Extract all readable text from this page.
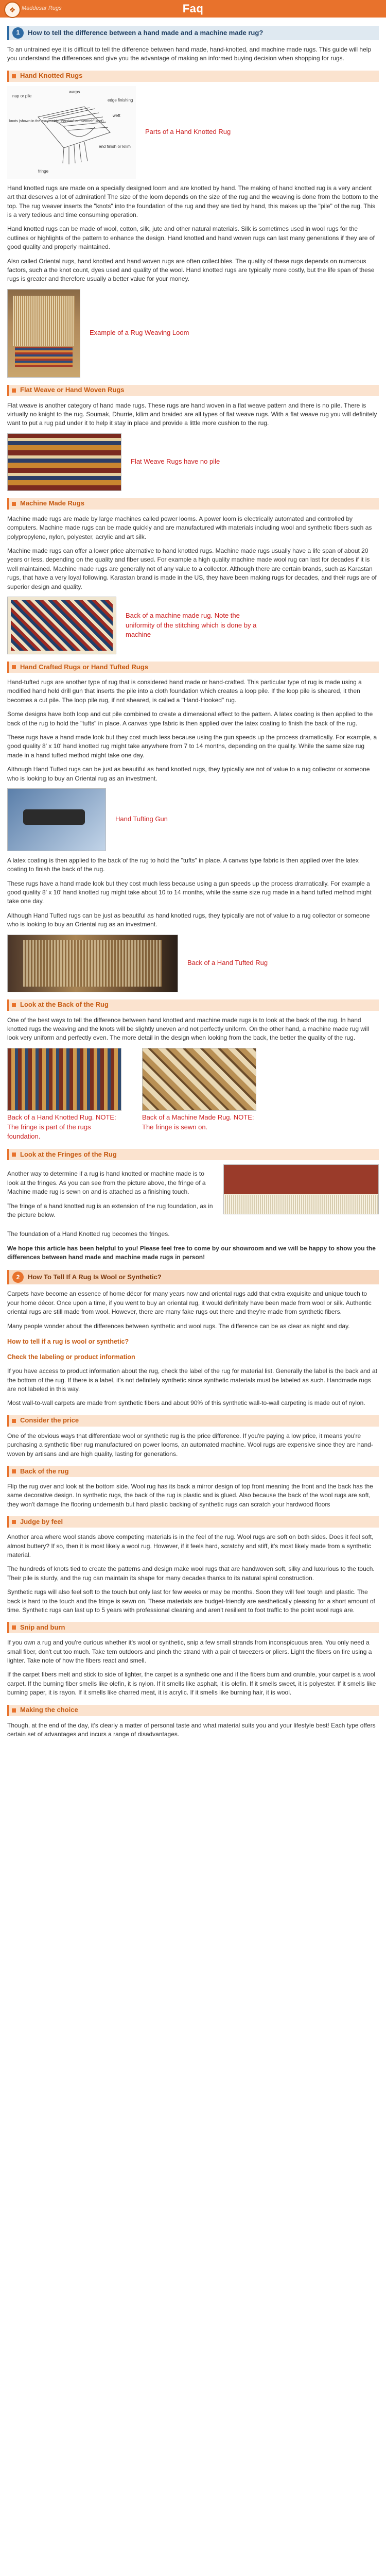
❖	Maddesar Rugs	Faq
1	How to tell the difference between a hand made and a machine made rug?

To an untrained eye it is difficult to tell the difference between hand made, hand-knotted, and machine made rugs. This guide will help you understand the differences and give you the advantage of making an informed buying decision when shopping for rugs.

Hand Knotted Rugs
nap or pile
warps
edge finishing
weft
knots (shown in the ascymetric "Persian" or "Senneh" knot)
end finish or kilim
fringe
Parts of a Hand Knotted Rug

Hand knotted rugs are made on a specially designed loom and are knotted by hand. The making of hand knotted rug is a very ancient art that deserves a lot of admiration! The size of the loom depends on the size of the rug and the weaving is done from the bottom to the top. The rug weaver inserts the "knots" into the foundation of the rug and they are tied by hand, this makes up the "pile" of the rug. This is a very tedious and time consuming operation.

Hand knotted rugs can be made of wool, cotton, silk, jute and other natural materials. Silk is sometimes used in wool rugs for the outlines or highlights of the pattern to enhance the design. Hand knotted and hand woven rugs can last many generations if they are of good quality and properly maintained.

Also called Oriental rugs, hand knotted and hand woven rugs are often collectibles. The quality of these rugs depends on numerous factors, such a the knot count, dyes used and quality of the wool. Hand knotted rugs are typically more costly, but the life span of these rugs is greater and therefore usually a better value for your money.

Example of a Rug Weaving Loom
Flat Weave or Hand Woven Rugs

Flat weave is another category of hand made rugs. These rugs are hand woven in a flat weave pattern and there is no pile. There is virtually no knight to the rug. Soumak, Dhurrie, kilim and braided are all types of flat weave rugs. With a flat weave rug you will definitely want to put a rug pad under it to help it stay in place and provide a little more cushion to the rug.

Flat Weave Rugs have no pile
Machine Made Rugs

Machine made rugs are made by large machines called power looms. A power loom is electrically automated and controlled by computers. Machine made rugs can be made quickly and are manufactured with materials including wool and synthetic fibers such as polypropylene, nylon, polyester, acrylic and art silk.

Machine made rugs can offer a lower price alternative to hand knotted rugs. Machine made rugs usually have a life span of about 20 years or less, depending on the quality and fiber used. For example a high quality machine made wool rug can last for decades if it is well maintained. Machine made rugs are generally not of any value to a collector. Although there are certain brands, such as Karastan rugs, that have a very loyal following. Karastan brand is made in the US, they have been making rugs for decades, and their rugs are of superior design and quality.

Back of a machine made rug. Note the uniformity of the stitching which is done by a machine
Hand Crafted Rugs or Hand Tufted Rugs

Hand-tufted rugs are another type of rug that is considered hand made or hand-crafted. This particular type of rug is made using a modified hand held drill gun that inserts the pile into a cloth foundation which creates a loop pile. If the loop pile is sheared, it then becomes a cut pile. The loop pile rug, if not sheared, is called a "Hand-Hooked" rug.

Some designs have both loop and cut pile combined to create a dimensional effect to the pattern. A latex coating is then applied to the back of the rug to hold the "tufts" in place. A canvas type fabric is then applied over the latex coating to finish the back of the rug.

These rugs have a hand made look but they cost much less because using the gun speeds up the process dramatically. For example, a good quality 8' x 10' hand knotted rug might take anywhere from 7 to 14 months, depending on the quality. While the same size rug made in a hand tufted method might take one day.

Although Hand Tufted rugs can be just as beautiful as hand knotted rugs, they typically are not of value to a rug collector or someone who is looking to buy an Oriental rug as an investment.

Hand Tufting Gun

A latex coating is then applied to the back of the rug to hold the "tufts" in place. A canvas type fabric is then applied over the latex coating to finish the back of the rug.

These rugs have a hand made look but they cost much less because using a gun speeds up the process dramatically. For example a good quality 8' x 10' hand knotted rug might take about 10 to 14 months, while the same size rug made in a hand tufted method might take one day.

Although Hand Tufted rugs can be just as beautiful as hand knotted rugs, they typically are not of value to a rug collector or someone who is looking to buy an Oriental rug as an investment.

Back of a Hand Tufted Rug
Look at the Back of the Rug

One of the best ways to tell the difference between hand knotted and machine made rugs is to look at the back of the rug. In hand knotted rugs the weaving and the knots will be slightly uneven and not perfectly uniform. On the other hand, a machine made rug will look very uniform and perfectly even. The more detail in the design when looking from the back, the better the quality of the rug.

Back of a Hand Knotted Rug. NOTE: The fringe is part of the rugs foundation.
Back of a Machine Made Rug. NOTE: The fringe is sewn on.
Look at the Fringes of the Rug

Another way to determine if a rug is hand knotted or machine made is to look at the fringes. As you can see from the picture above, the fringe of a Machine made rug is sewn on and is attached as a finishing touch.

The fringe of a hand knotted rug is an extension of the rug foundation, as in the picture below.

The foundation of a Hand Knotted rug becomes the fringes.

We hope this article has been helpful to you! Please feel free to come by our showroom and we will be happy to show you the differences between hand made and machine made rugs in person!

2	How To Tell If A Rug Is Wool or Synthetic?

Carpets have become an essence of home décor for many years now and oriental rugs add that extra exquisite and unique touch to your home décor. Once upon a time, if you went to buy an oriental rug, it would definitely have been made from wool or silk. Authentic oriental rugs are still made from wool. However, there are many fake rugs out there and they're made from synthetic fibers.

Many people wonder about the differences between synthetic and wool rugs. The difference can be as clear as night and day.

How to tell if a rug is wool or synthetic?
Check the labeling or product information

If you have access to product information about the rug, check the label of the rug for material list. Generally the label is the back and at the bottom of the rug. If there is a label, it's not definitely synthetic since synthetic materials must be labeled as such. Handmade rugs are not labeled in this way.

Most wall-to-wall carpets are made from synthetic fibers and about 90% of this synthetic wall-to-wall carpeting is made out of nylon.

Consider the price

One of the obvious ways that differentiate wool or synthetic rug is the price difference. If you're paying a low price, it means you're purchasing a synthetic fiber rug manufactured on power looms, an automated machine. Wool rugs are expensive since they are hand-woven by artisans and are high quality, lasting for generations.

Back of the rug

Flip the rug over and look at the bottom side. Wool rug has its back a mirror design of top front meaning the front and the back has the same decorative design. In synthetic rugs, the back of the rug is plastic and is glued. Also because the back of the wool rugs are soft, they won't damage the flooring underneath but hard plastic backing of synthetic rugs can scratch your hardwood floors

Judge by feel

Another area where wool stands above competing materials is in the feel of the rug. Wool rugs are soft on both sides. Does it feel soft, almost buttery? If so, then it is most likely a wool rug. However, if it feels hard, scratchy and stiff, it's most likely made from a synthetic material.

The hundreds of knots tied to create the patterns and design make wool rugs that are handwoven soft, silky and luxurious to the touch. Their pile is sturdy, and the rug can maintain its shape for many decades thanks to its natural spiral construction.

Synthetic rugs will also feel soft to the touch but only last for few weeks or may be months. Soon they will feel tough and plastic. The back is hard to the touch and the fringe is sewn on. These materials are budget-friendly are aesthetically pleasing for a short amount of time. Synthetic rugs can last up to 5 years with professional cleaning and aren't resilient to foot traffic to the point wool rugs are.

Snip and burn

If you own a rug and you're curious whether it's wool or synthetic, snip a few small strands from inconspicuous area. You only need a small fiber, don't cut too much. Take tem outdoors and pinch the strand with a pair of tweezers or pliers. Light the fibers on fire using a lighter. Take note of how the fibers react and smell.

If the carpet fibers melt and stick to side of lighter, the carpet is a synthetic one and if the fibers burn and crumble, your carpet is a wool carpet. If the burning fiber smells like olefin, it is nylon. If it smells like asphalt, it is olefin. If it smells sweet, it is polyester. If it smells like burning paper, it is rayon. If it smells like charred meat, it is acrylic. If it smells like burning hair, it is wool.

Making the choice

Though, at the end of the day, it's clearly a matter of personal taste and what material suits you and your lifestyle best! Each type offers certain set of advantages and incurs a range of disadvantages.
